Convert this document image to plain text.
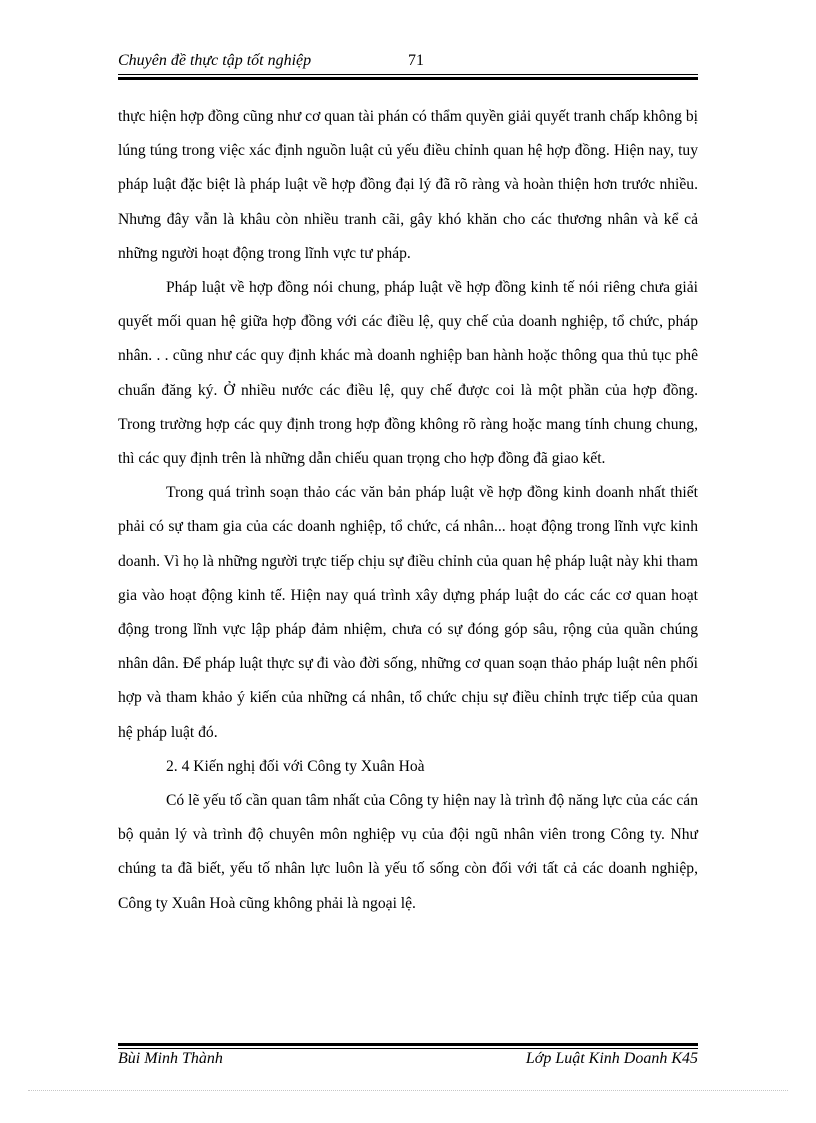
Chuyên đề thực tập tốt nghiệp	71

thực hiện hợp đồng cũng như cơ quan tài phán có thẩm quyền giải quyết tranh chấp không bị lúng túng trong việc xác định nguồn luật củ yếu điều chỉnh quan hệ hợp đồng. Hiện nay, tuy pháp luật đặc biệt là pháp luật về hợp đồng đại lý đã rõ ràng và hoàn thiện hơn trước nhiều. Nhưng đây vẫn là khâu còn nhiều tranh cãi, gây khó khăn cho các thương nhân và kể cả những người hoạt động trong lĩnh vực tư pháp.

Pháp luật về hợp đồng nói chung, pháp luật về hợp đồng kinh tế nói riêng chưa giải quyết mối quan hệ giữa hợp đồng với các điều lệ, quy chế của doanh nghiệp, tổ chức, pháp nhân. . . cũng như các quy định khác mà doanh nghiệp ban hành hoặc thông qua thủ tục phê chuẩn đăng ký. Ở nhiều nước các điều lệ, quy chế được coi là một phần của hợp đồng. Trong trường hợp các quy định trong hợp đồng không rõ ràng hoặc mang tính chung chung, thì các quy định trên là những dẫn chiếu quan trọng cho hợp đồng đã giao kết.

Trong quá trình soạn thảo các văn bản pháp luật về hợp đồng kinh doanh nhất thiết phải có sự tham gia của các doanh nghiệp, tổ chức, cá nhân... hoạt động trong lĩnh vực kinh doanh. Vì họ là những người trực tiếp chịu sự điều chỉnh của quan hệ pháp luật này khi tham gia vào hoạt động kinh tế. Hiện nay quá trình xây dựng pháp luật do các các cơ quan hoạt động trong lĩnh vực lập pháp đảm nhiệm, chưa có sự đóng góp sâu, rộng của quần chúng nhân dân. Để pháp luật thực sự đi vào đời sống, những cơ quan soạn thảo pháp luật nên phối hợp và tham khảo ý kiến của những cá nhân, tổ chức chịu sự điều chỉnh trực tiếp của quan hệ pháp luật đó.

2. 4 Kiến nghị đối với Công ty Xuân Hoà

Có lẽ yếu tố cần quan tâm nhất của Công ty hiện nay là trình độ năng lực của các cán bộ quản lý và trình độ chuyên môn nghiệp vụ của đội ngũ nhân viên trong Công ty. Như chúng ta đã biết, yếu tố nhân lực luôn là yếu tố sống còn đối với tất cả các doanh nghiệp, Công ty Xuân Hoà cũng không phải là ngoại lệ.

Bùi Minh Thành	Lớp Luật Kinh Doanh K45
